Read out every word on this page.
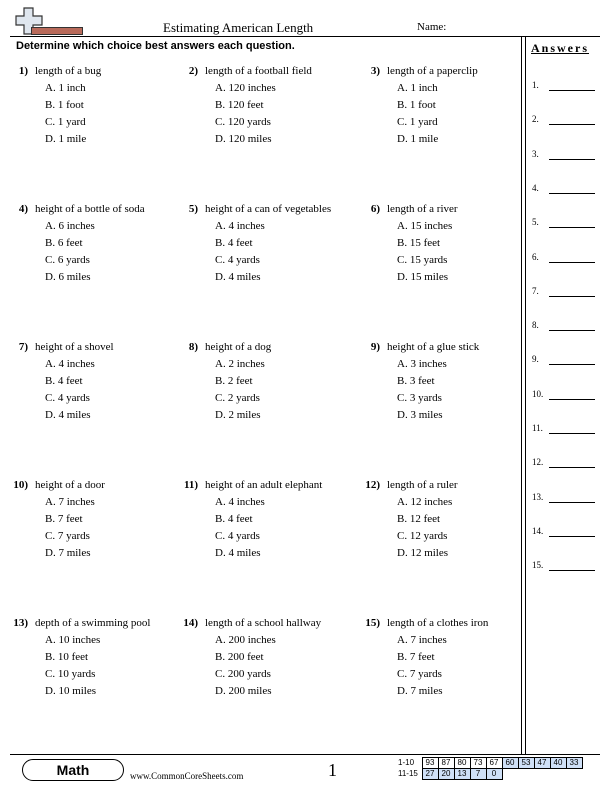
Estimating American Length	Name:
Determine which choice best answers each question.	Answers
1.
2.
3.
4.
5.
6.
7.
8.
9.
10.
11.
12.
13.
14.
15.
1) length of a bug
A. 1 inch
B. 1 foot
C. 1 yard
D. 1 mile
2) length of a football field
A. 120 inches
B. 120 feet
C. 120 yards
D. 120 miles
3) length of a paperclip
A. 1 inch
B. 1 foot
C. 1 yard
D. 1 mile
4) height of a bottle of soda
A. 6 inches
B. 6 feet
C. 6 yards
D. 6 miles
5) height of a can of vegetables
A. 4 inches
B. 4 feet
C. 4 yards
D. 4 miles
6) length of a river
A. 15 inches
B. 15 feet
C. 15 yards
D. 15 miles
7) height of a shovel
A. 4 inches
B. 4 feet
C. 4 yards
D. 4 miles
8) height of a dog
A. 2 inches
B. 2 feet
C. 2 yards
D. 2 miles
9) height of a glue stick
A. 3 inches
B. 3 feet
C. 3 yards
D. 3 miles
10) height of a door
A. 7 inches
B. 7 feet
C. 7 yards
D. 7 miles
11) height of an adult elephant
A. 4 inches
B. 4 feet
C. 4 yards
D. 4 miles
12) length of a ruler
A. 12 inches
B. 12 feet
C. 12 yards
D. 12 miles
13) depth of a swimming pool
A. 10 inches
B. 10 feet
C. 10 yards
D. 10 miles
14) length of a school hallway
A. 200 inches
B. 200 feet
C. 200 yards
D. 200 miles
15) length of a clothes iron
A. 7 inches
B. 7 feet
C. 7 yards
D. 7 miles
Math	www.CommonCoreSheets.com	1	1-10	93	87	80	73	67	60	53	47	40	33
11-15	27	20	13	7	0					
